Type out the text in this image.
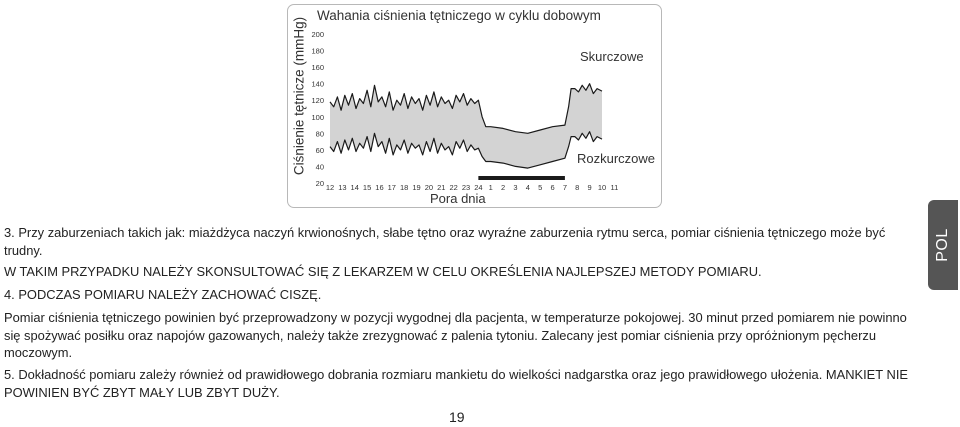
Ciśnienie tętnicze (mmHg)
Wahania ciśnienia tętniczego w cyklu dobowym
200
180
160
140
120
100
80
60
40
20 12 13 14 15 16 17 18 19 20 21 22 23 24 1 2 3 4 5 6 7 8 9 10 11
Skurczowe
Rozkurczowe
Pora dnia

3. Przy zaburzeniach takich jak: miażdżyca naczyń krwionośnych, słabe tętno oraz wyraźne zaburzenia rytmu serca, pomiar ciśnienia tętniczego może być trudny.

W TAKIM PRZYPADKU NALEŻY SKONSULTOWAĆ SIĘ Z LEKARZEM W CELU OKREŚLENIA NAJLEPSZEJ METODY POMIARU.

4. PODCZAS POMIARU NALEŻY ZACHOWAĆ CISZĘ.

Pomiar ciśnienia tętniczego powinien być przeprowadzony w pozycji wygodnej dla pacjenta, w temperaturze pokojowej. 30 minut przed pomiarem nie powinno się spożywać posiłku oraz napojów gazowanych, należy także zrezygnować z palenia tytoniu. Zalecany jest pomiar ciśnienia przy opróżnionym pęcherzu moczowym.

5. Dokładność pomiaru zależy również od prawidłowego dobrania rozmiaru mankietu do wielkości nadgarstka oraz jego prawidłowego ułożenia. MANKIET NIE POWINIEN BYĆ ZBYT MAŁY LUB ZBYT DUŻY.

POL
19
